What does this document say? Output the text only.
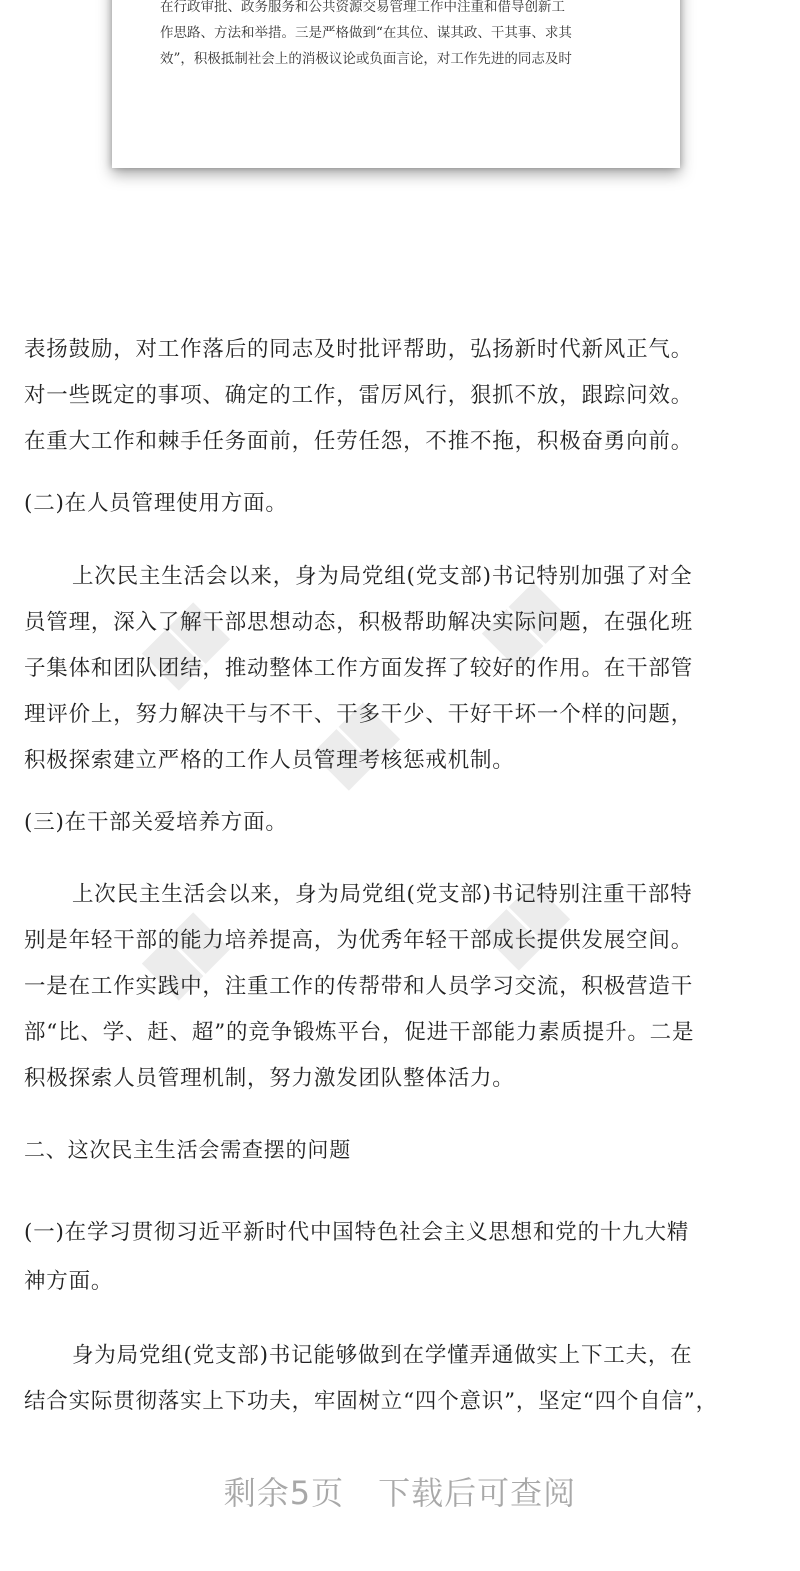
██	██
██
██	██
在行政审批、政务服务和公共资源交易管理工作中注重和借导创新工
作思路、方法和举措。三是严格做到“在其位、谋其政、干其事、求其
效”，积极抵制社会上的消极议论或负面言论，对工作先进的同志及时
表扬鼓励，对工作落后的同志及时批评帮助，弘扬新时代新风正气。
对一些既定的事项、确定的工作，雷厉风行，狠抓不放，跟踪问效。
在重大工作和棘手任务面前，任劳任怨，不推不拖，积极奋勇向前。
(二)在人员管理使用方面。
上次民主生活会以来，身为局党组(党支部)书记特别加强了对全
员管理，深入了解干部思想动态，积极帮助解决实际问题，在强化班
子集体和团队团结，推动整体工作方面发挥了较好的作用。在干部管
理评价上，努力解决干与不干、干多干少、干好干坏一个样的问题，
积极探索建立严格的工作人员管理考核惩戒机制。
(三)在干部关爱培养方面。
上次民主生活会以来，身为局党组(党支部)书记特别注重干部特
别是年轻干部的能力培养提高，为优秀年轻干部成长提供发展空间。
一是在工作实践中，注重工作的传帮带和人员学习交流，积极营造干
部“比、学、赶、超”的竞争锻炼平台，促进干部能力素质提升。二是
积极探索人员管理机制，努力激发团队整体活力。
二、这次民主生活会需查摆的问题
(一)在学习贯彻习近平新时代中国特色社会主义思想和党的十九大精
神方面。
身为局党组(党支部)书记能够做到在学懂弄通做实上下工夫，在
结合实际贯彻落实上下功夫，牢固树立“四个意识”，坚定“四个自信”，
剩余5页 下载后可查阅
